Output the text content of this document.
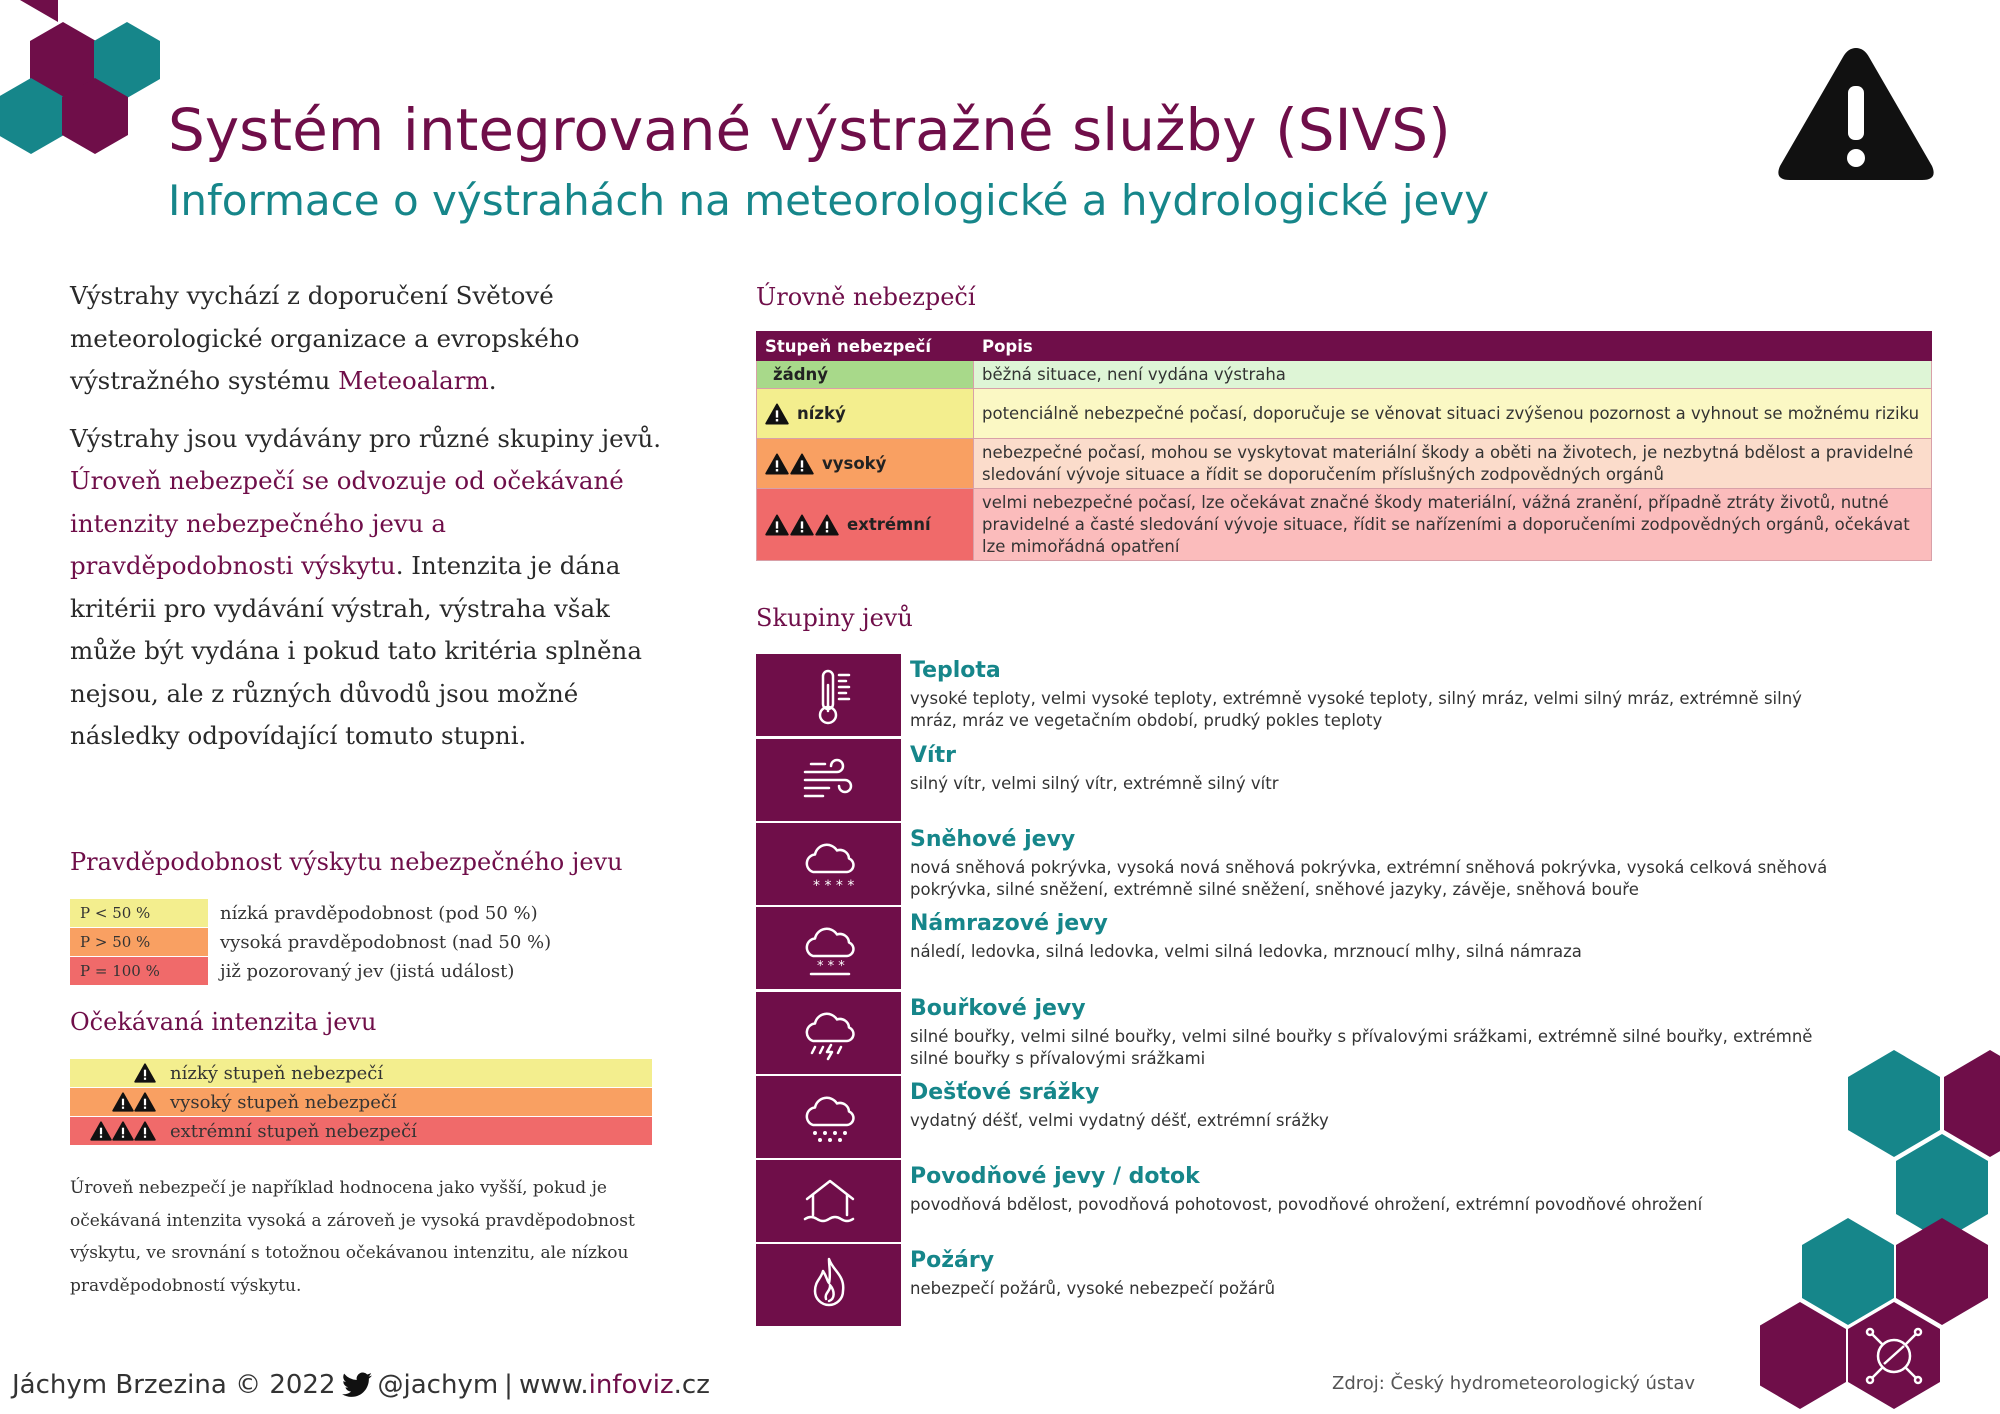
Systém integrované výstražné služby (SIVS)
Informace o výstrahách na meteorologické a hydrologické jevy

Výstrahy vychází z doporučení Světové meteorologické organizace a evropského výstražného systému Meteoalarm.

Výstrahy jsou vydávány pro různé skupiny jevů. Úroveň nebezpečí se odvozuje od očekávané intenzity nebezpečného jevu a pravděpodobnosti výskytu. Intenzita je dána kritérii pro vydávání výstrah, výstraha však může být vydána i pokud tato kritéria splněna nejsou, ale z různých důvodů jsou možné následky odpovídající tomuto stupni.

Pravděpodobnost výskytu nebezpečného jevu
P < 50 %	nízká pravděpodobnost (pod 50 %)
P > 50 %	vysoká pravděpodobnost (nad 50 %)
P = 100 %	již pozorovaný jev (jistá událost)
Očekávaná intenzita jevu
nízký stupeň nebezpečí
vysoký stupeň nebezpečí
extrémní stupeň nebezpečí
Úroveň nebezpečí je například hodnocena jako vyšší, pokud je očekávaná intenzita vysoká a zároveň je vysoká pravděpodobnost výskytu, ve srovnání s totožnou očekávanou intenzitu, ale nízkou pravděpodobností výskytu.
Úrovně nebezpečí
Stupeň nebezpečí	Popis

žádný	běžná situace, není vydána výstraha

nízký	potenciálně nebezpečné počasí, doporučuje se věnovat situaci zvýšenou pozornost a vyhnout se možnému riziku

vysoký	nebezpečné počasí, mohou se vyskytovat materiální škody a oběti na životech, je nezbytná bdělost a pravidelné sledování vývoje situace a řídit se doporučením příslušných zodpovědných orgánů

extrémní	velmi nebezpečné počasí, lze očekávat značné škody materiální, vážná zranění, případně ztráty životů, nutné pravidelné a časté sledování vývoje situace, řídit se nařízeními a doporučeními zodpovědných orgánů, očekávat lze mimořádná opatření
Skupiny jevů
Teplota
vysoké teploty, velmi vysoké teploty, extrémně vysoké teploty, silný mráz, velmi silný mráz, extrémně silný mráz, mráz ve vegetačním období, prudký pokles teploty
Vítr
silný vítr, velmi silný vítr, extrémně silný vítr
* * * *
Sněhové jevy
nová sněhová pokrývka, vysoká nová sněhová pokrývka, extrémní sněhová pokrývka, vysoká celková sněhová pokrývka, silné sněžení, extrémně silné sněžení, sněhové jazyky, závěje, sněhová bouře
* * *
Námrazové jevy
náledí, ledovka, silná ledovka, velmi silná ledovka, mrznoucí mlhy, silná námraza
Bouřkové jevy
silné bouřky, velmi silné bouřky, velmi silné bouřky s přívalovými srážkami, extrémně silné bouřky, extrémně silné bouřky s přívalovými srážkami
Dešťové srážky
vydatný déšť, velmi vydatný déšť, extrémní srážky
Povodňové jevy / dotok
povodňová bdělost, povodňová pohotovost, povodňové ohrožení, extrémní povodňové ohrožení
Požáry
nebezpečí požárů, vysoké nebezpečí požárů
Jáchym Brzezina © 2022 @jachym | www.infoviz.cz	Zdroj: Český hydrometeorologický ústav
